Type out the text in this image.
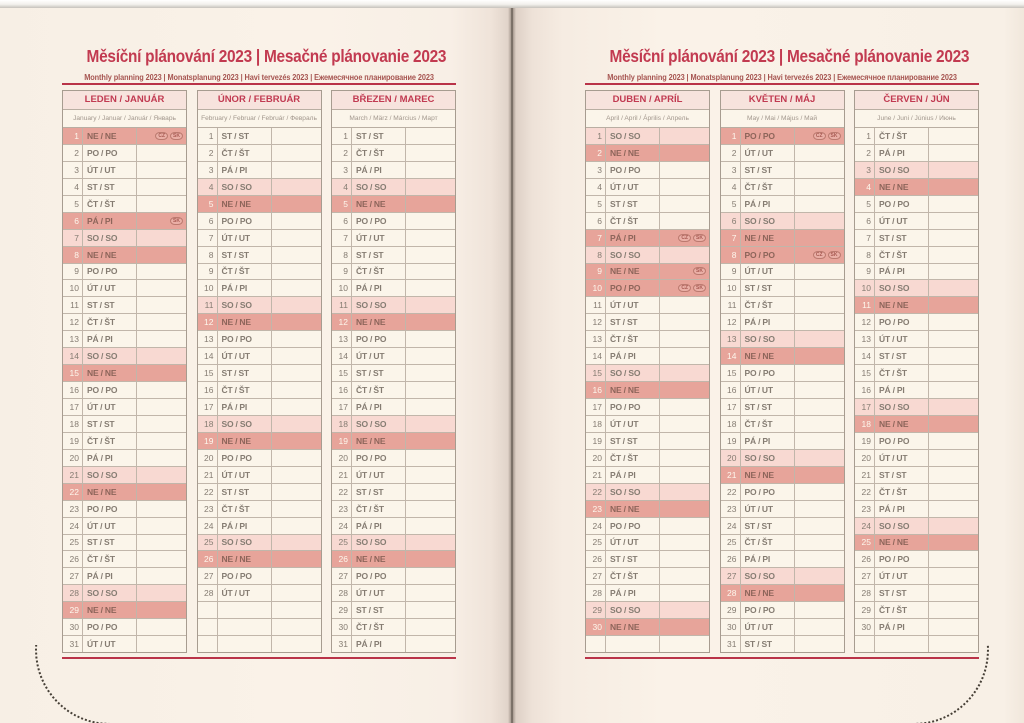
Měsíční plánování 2023 | Mesačné plánovanie 2023
Monthly planning 2023 | Monatsplanung 2023 | Havi tervezés 2023 | Ежемесячное планирование 2023
LEDEN / JANUÁR
January / Januar / Január / Январь
1 NE / NE	CZ	SK
2 PO / PO
3 ÚT / UT
4 ST / ST
5 ČT / ŠT
6 PÁ / PI	SK
7 SO / SO
8 NE / NE
9 PO / PO
10 ÚT / UT
11 ST / ST
12 ČT / ŠT
13 PÁ / PI
14 SO / SO
15 NE / NE
16 PO / PO
17 ÚT / UT
18 ST / ST
19 ČT / ŠT
20 PÁ / PI
21 SO / SO
22 NE / NE
23 PO / PO
24 ÚT / UT
25 ST / ST
26 ČT / ŠT
27 PÁ / PI
28 SO / SO
29 NE / NE
30 PO / PO
31 ÚT / UT
ÚNOR / FEBRUÁR
February / Februar / Február / Февраль
1 ST / ST
2 ČT / ŠT
3 PÁ / PI
4 SO / SO
5 NE / NE
6 PO / PO
7 ÚT / UT
8 ST / ST
9 ČT / ŠT
10 PÁ / PI
11 SO / SO
12 NE / NE
13 PO / PO
14 ÚT / UT
15 ST / ST
16 ČT / ŠT
17 PÁ / PI
18 SO / SO
19 NE / NE
20 PO / PO
21 ÚT / UT
22 ST / ST
23 ČT / ŠT
24 PÁ / PI
25 SO / SO
26 NE / NE
27 PO / PO
28 ÚT / UT
BŘEZEN / MAREC
March / März / Március / Март
1 ST / ST
2 ČT / ŠT
3 PÁ / PI
4 SO / SO
5 NE / NE
6 PO / PO
7 ÚT / UT
8 ST / ST
9 ČT / ŠT
10 PÁ / PI
11 SO / SO
12 NE / NE
13 PO / PO
14 ÚT / UT
15 ST / ST
16 ČT / ŠT
17 PÁ / PI
18 SO / SO
19 NE / NE
20 PO / PO
21 ÚT / UT
22 ST / ST
23 ČT / ŠT
24 PÁ / PI
25 SO / SO
26 NE / NE
27 PO / PO
28 ÚT / UT
29 ST / ST
30 ČT / ŠT
31 PÁ / PI
Měsíční plánování 2023 | Mesačné plánovanie 2023
Monthly planning 2023 | Monatsplanung 2023 | Havi tervezés 2023 | Ежемесячное планирование 2023
DUBEN / APRÍL
April / April / Április / Апрель
1 SO / SO
2 NE / NE
3 PO / PO
4 ÚT / UT
5 ST / ST
6 ČT / ŠT
7 PÁ / PI	CZ	SK
8 SO / SO
9 NE / NE	SK
10 PO / PO	CZ	SK
11 ÚT / UT
12 ST / ST
13 ČT / ŠT
14 PÁ / PI
15 SO / SO
16 NE / NE
17 PO / PO
18 ÚT / UT
19 ST / ST
20 ČT / ŠT
21 PÁ / PI
22 SO / SO
23 NE / NE
24 PO / PO
25 ÚT / UT
26 ST / ST
27 ČT / ŠT
28 PÁ / PI
29 SO / SO
30 NE / NE
KVĚTEN / MÁJ
May / Mai / Május / Май
1 PO / PO	CZ	SK
2 ÚT / UT
3 ST / ST
4 ČT / ŠT
5 PÁ / PI
6 SO / SO
7 NE / NE
8 PO / PO	CZ	SK
9 ÚT / UT
10 ST / ST
11 ČT / ŠT
12 PÁ / PI
13 SO / SO
14 NE / NE
15 PO / PO
16 ÚT / UT
17 ST / ST
18 ČT / ŠT
19 PÁ / PI
20 SO / SO
21 NE / NE
22 PO / PO
23 ÚT / UT
24 ST / ST
25 ČT / ŠT
26 PÁ / PI
27 SO / SO
28 NE / NE
29 PO / PO
30 ÚT / UT
31 ST / ST
ČERVEN / JÚN
June / Juni / Június / Июнь
1 ČT / ŠT
2 PÁ / PI
3 SO / SO
4 NE / NE
5 PO / PO
6 ÚT / UT
7 ST / ST
8 ČT / ŠT
9 PÁ / PI
10 SO / SO
11 NE / NE
12 PO / PO
13 ÚT / UT
14 ST / ST
15 ČT / ŠT
16 PÁ / PI
17 SO / SO
18 NE / NE
19 PO / PO
20 ÚT / UT
21 ST / ST
22 ČT / ŠT
23 PÁ / PI
24 SO / SO
25 NE / NE
26 PO / PO
27 ÚT / UT
28 ST / ST
29 ČT / ŠT
30 PÁ / PI
